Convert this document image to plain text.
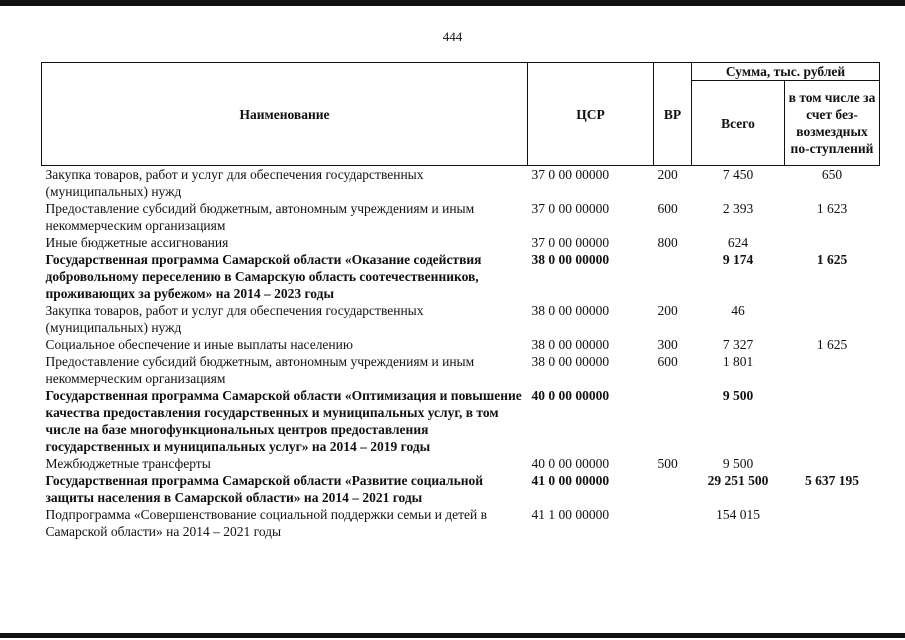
444
Наименование	ЦСР	ВР	Сумма, тыс. рублей	
			Всего	в том числе за счет без-возмездных по-ступлений
Закупка товаров, работ и услуг для обеспечения государственных (муниципальных) нужд	37 0 00 00000	200	7 450	650
Предоставление субсидий бюджетным, автономным учреждениям и иным некоммерческим организациям	37 0 00 00000	600	2 393	1 623
Иные бюджетные ассигнования	37 0 00 00000	800	624	
Государственная программа Самарской области «Оказание содействия добровольному переселению в Самарскую область соотечественников, проживающих за рубежом» на 2014 – 2023 годы	38 0 00 00000		9 174	1 625
Закупка товаров, работ и услуг для обеспечения государственных (муниципальных) нужд	38 0 00 00000	200	46	
Социальное обеспечение и иные выплаты населению	38 0 00 00000	300	7 327	1 625
Предоставление субсидий бюджетным, автономным учреждениям и иным некоммерческим организациям	38 0 00 00000	600	1 801	
Государственная программа Самарской области «Оптимизация и повышение качества предоставления государственных и муниципальных услуг, в том числе на базе многофункциональных центров предоставления государственных и муниципальных услуг» на 2014 – 2019 годы	40 0 00 00000		9 500	
Межбюджетные трансферты	40 0 00 00000	500	9 500	
Государственная программа Самарской области «Развитие социальной защиты населения в Самарской области» на 2014 – 2021 годы	41 0 00 00000		29 251 500	5 637 195
Подпрограмма «Совершенствование социальной поддержки семьи и детей в Самарской области» на 2014 – 2021 годы	41 1 00 00000		154 015	
